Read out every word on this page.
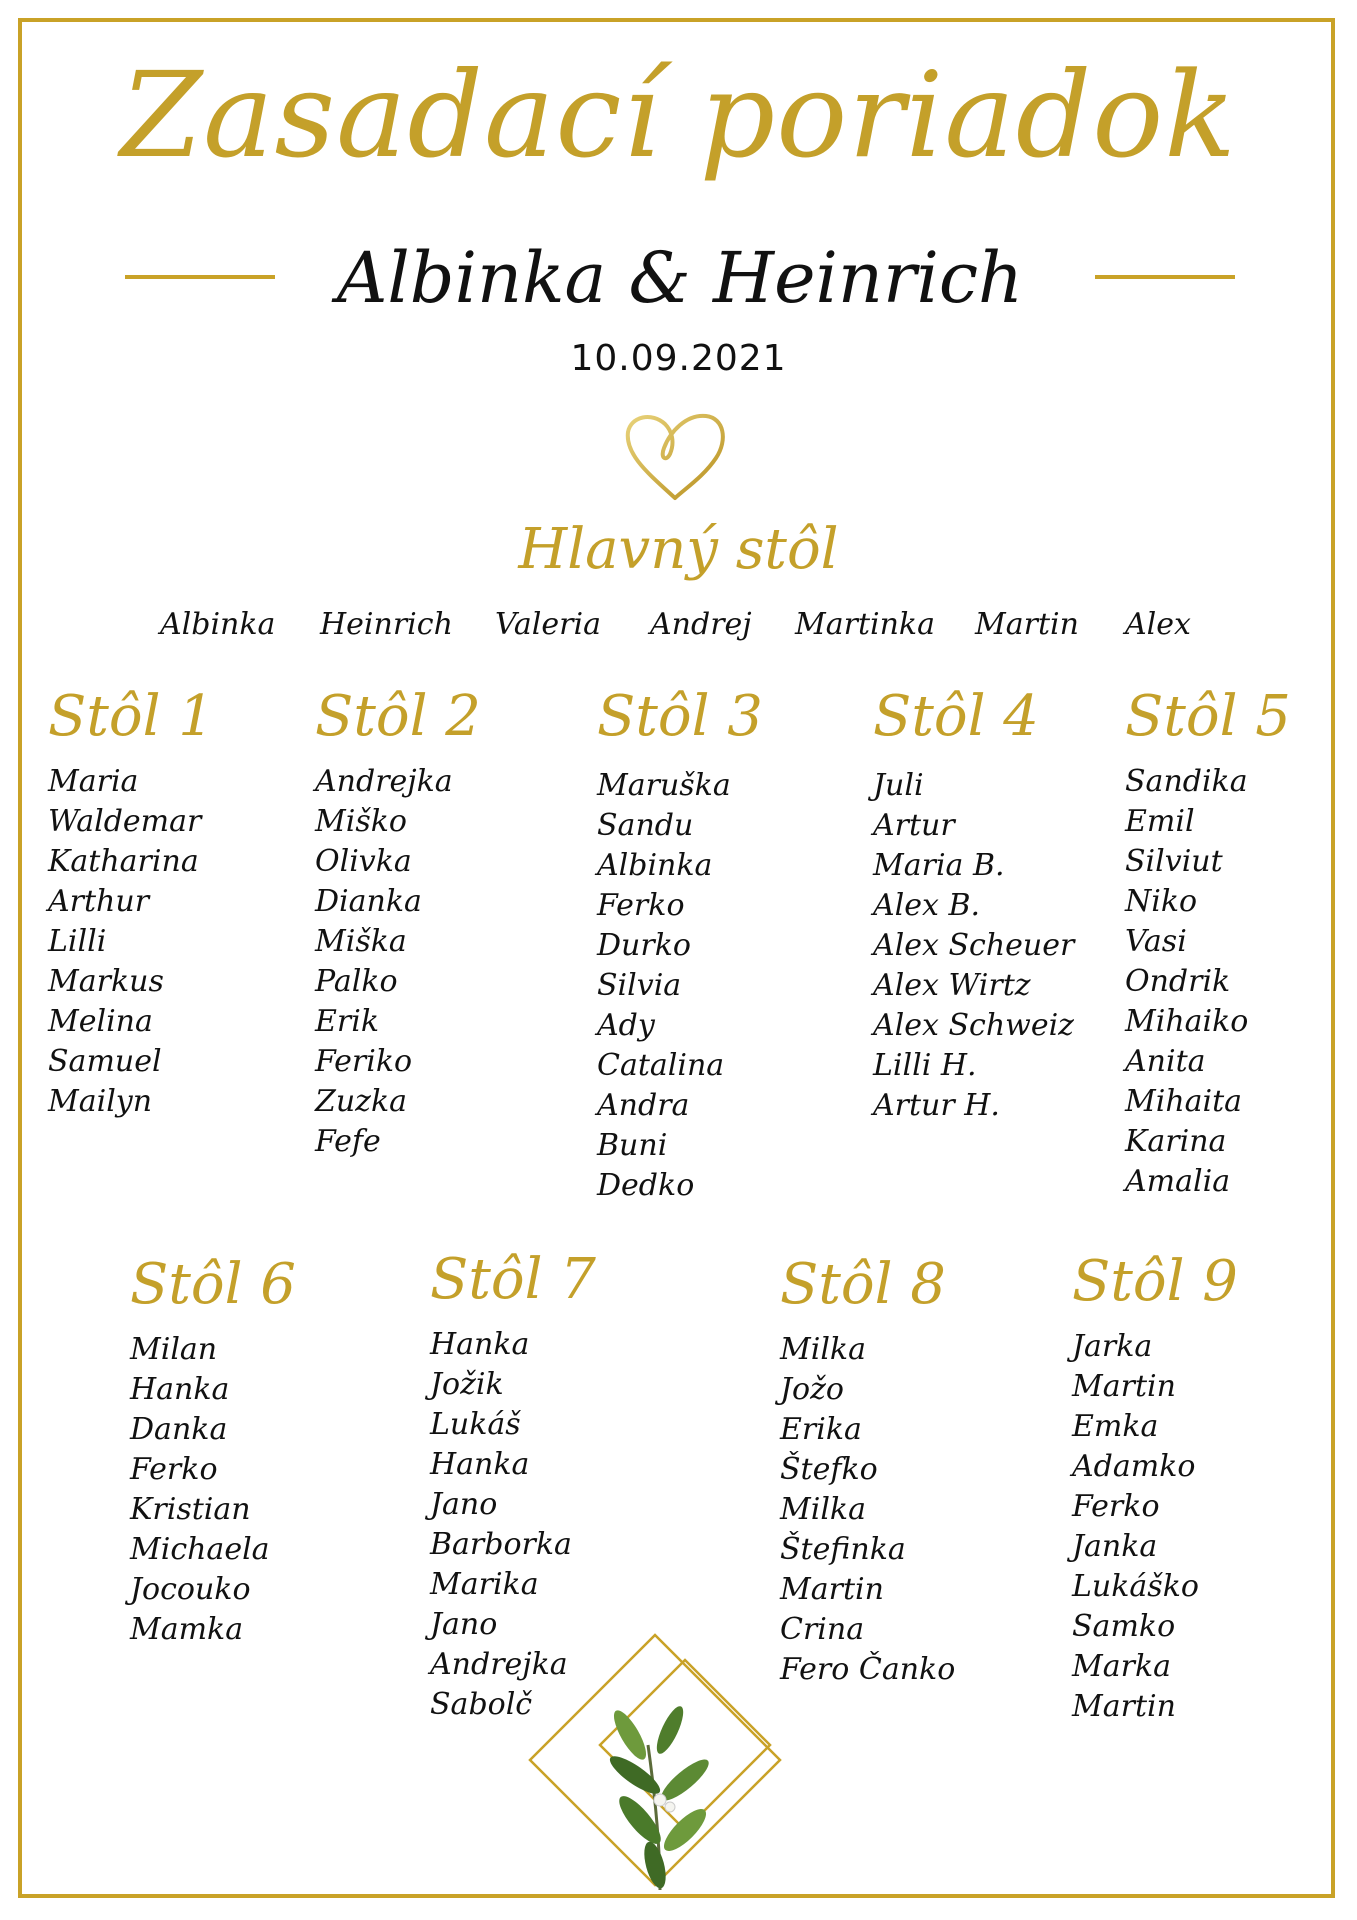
Zasadací poriadok
Albinka & Heinrich
10.09.2021
Hlavný stôl
Albinka Heinrich Valeria Andrej Martinka Martin Alex
Stôl 1
Maria
Waldemar
Katharina
Arthur
Lilli
Markus
Melina
Samuel
Mailyn
Stôl 2
Andrejka
Miško
Olivka
Dianka
Miška
Palko
Erik
Feriko
Zuzka
Fefe
Stôl 3
Maruška
Sandu
Albinka
Ferko
Durko
Silvia
Ady
Catalina
Andra
Buni
Dedko
Stôl 4
Juli
Artur
Maria B.
Alex B.
Alex Scheuer
Alex Wirtz
Alex Schweiz
Lilli H.
Artur H.
Stôl 5
Sandika
Emil
Silviut
Niko
Vasi
Ondrik
Mihaiko
Anita
Mihaita
Karina
Amalia
Stôl 6
Milan
Hanka
Danka
Ferko
Kristian
Michaela
Jocouko
Mamka
Stôl 7
Hanka
Jožik
Lukáš
Hanka
Jano
Barborka
Marika
Jano
Andrejka
Sabolč
Stôl 8
Milka
Jožo
Erika
Štefko
Milka
Štefinka
Martin
Crina
Fero Čanko
Stôl 9
Jarka
Martin
Emka
Adamko
Ferko
Janka
Lukáško
Samko
Marka
Martin
